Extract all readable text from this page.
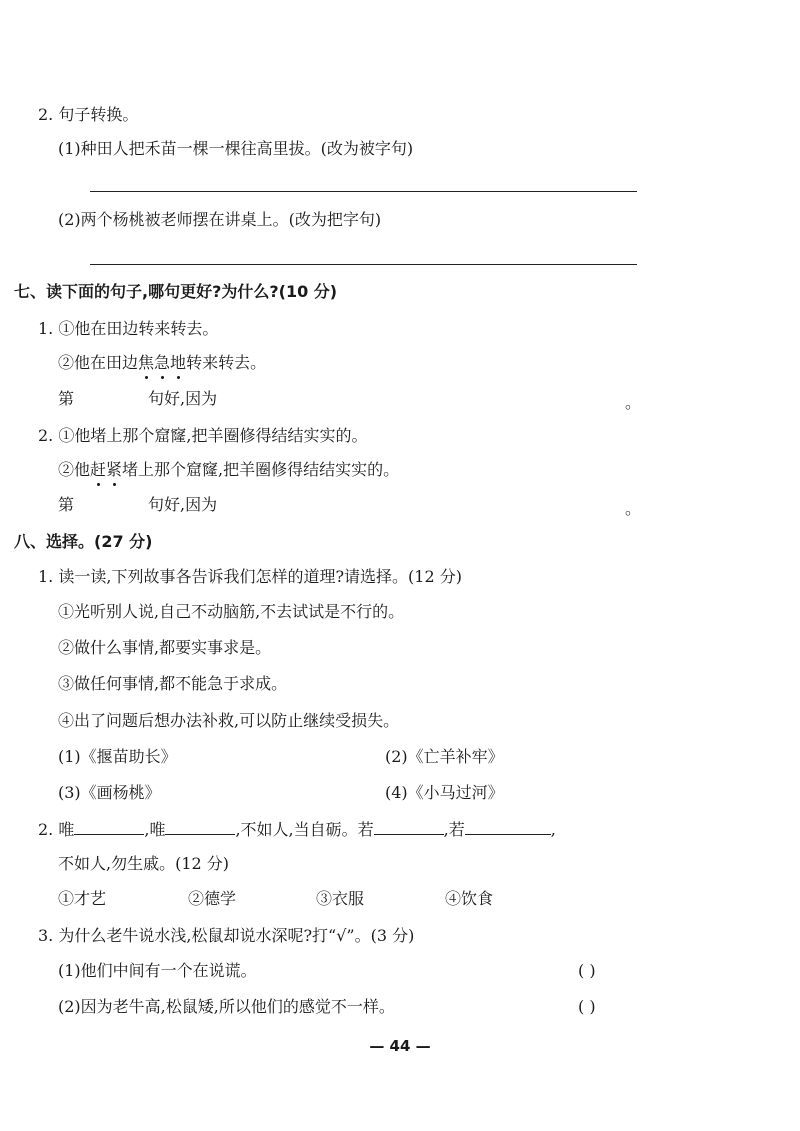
2. 句子转换。
(1)种田人把禾苗一棵一棵往高里拔。(改为被字句)
(2)两个杨桃被老师摆在讲桌上。(改为把字句)
七、读下面的句子,哪句更好?为什么?(10 分)
1. ①他在田边转来转去。
②他在田边焦急地转来转去。
第	句好,因为	。
2. ①他堵上那个窟窿,把羊圈修得结结实实的。
②他赶紧堵上那个窟窿,把羊圈修得结结实实的。
第	句好,因为	。
八、选择。(27 分)
1. 读一读,下列故事各告诉我们怎样的道理?请选择。(12 分)
①光听别人说,自己不动脑筋,不去试试是不行的。
②做什么事情,都要实事求是。
③做任何事情,都不能急于求成。
④出了问题后想办法补救,可以防止继续受损失。
(1)《揠苗助长》	(2)《亡羊补牢》
(3)《画杨桃》	(4)《小马过河》
2. 唯	,唯	,不如人,当自砺。若	,若	,
不如人,勿生戚。(12 分)
①才艺	②德学	③衣服	④饮食
3. 为什么老牛说水浅,松鼠却说水深呢?打“√”。(3 分)
(1)他们中间有一个在说谎。	( )
(2)因为老牛高,松鼠矮,所以他们的感觉不一样。	( )
— 44 —
